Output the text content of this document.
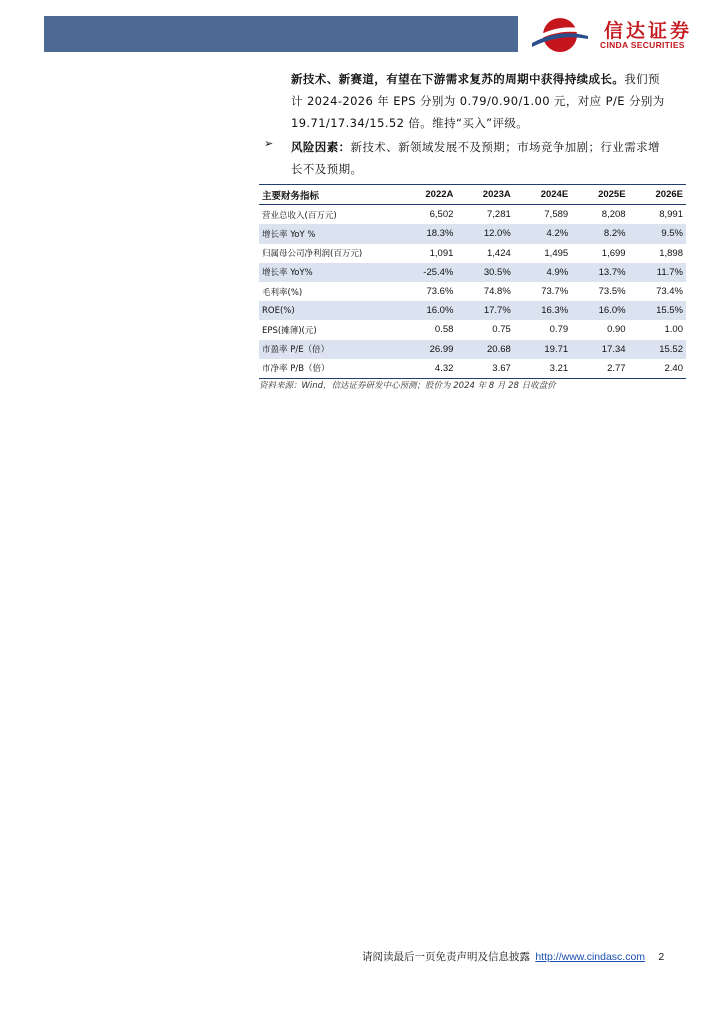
信达证券
CINDA SECURITIES
新技术、新赛道，有望在下游需求复苏的周期中获得持续成长。我们预
计 2024-2026 年 EPS 分别为 0.79/0.90/1.00 元，对应 P/E 分别为
19.71/17.34/15.52 倍。维持“买入”评级。
➢ 风险因素：新技术、新领域发展不及预期；市场竞争加剧；行业需求增
长不及预期。
主要财务指标	2022A	2023A	2024E	2025E	2026E
营业总收入(百万元)	6,502	7,281	7,589	8,208	8,991
增长率 YoY %	18.3%	12.0%	4.2%	8.2%	9.5%
归属母公司净利润(百万元)	1,091	1,424	1,495	1,699	1,898
增长率 YoY%	-25.4%	30.5%	4.9%	13.7%	11.7%
毛利率(%)	73.6%	74.8%	73.7%	73.5%	73.4%
ROE(%)	16.0%	17.7%	16.3%	16.0%	15.5%
EPS(摊薄)(元)	0.58	0.75	0.79	0.90	1.00
市盈率 P/E（倍）	26.99	20.68	19.71	17.34	15.52
市净率 P/B（倍）	4.32	3.67	3.21	2.77	2.40
资料来源：Wind，信达证券研发中心预测；股价为 2024 年 8 月 28 日收盘价
请阅读最后一页免责声明及信息披露 http://www.cindasc.com 2
